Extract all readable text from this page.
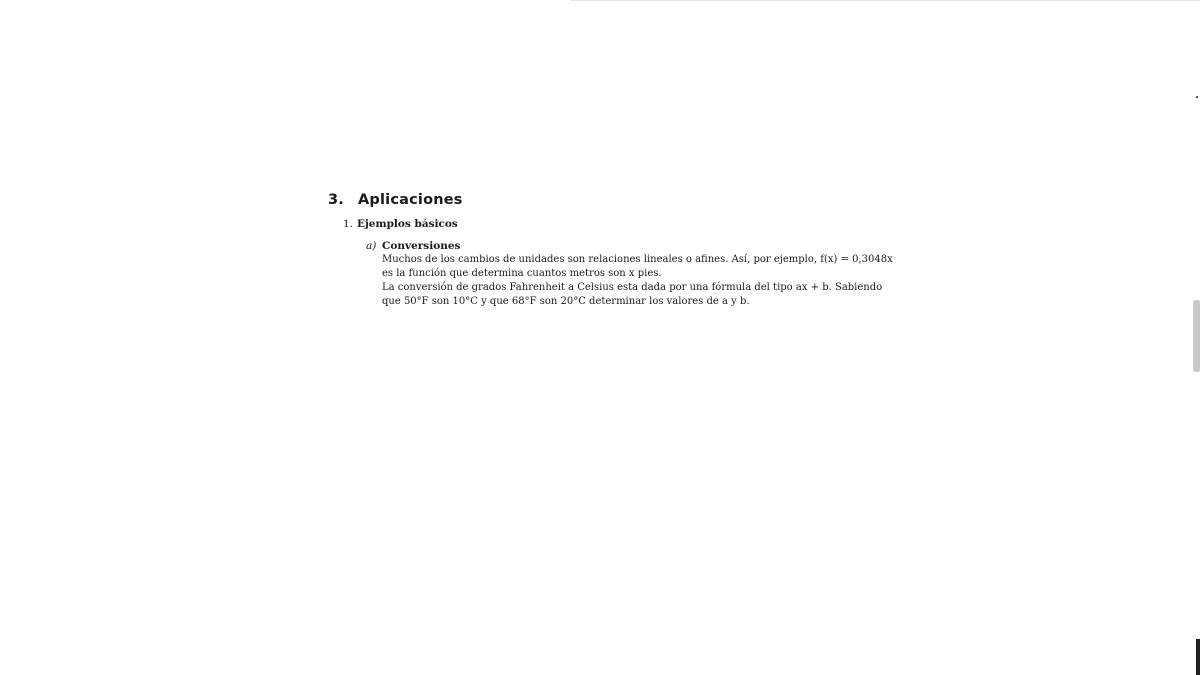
3. Aplicaciones
1. Ejemplos básicos
a) Conversiones

Muchos de los cambios de unidades son relaciones lineales o afines. Así, por ejemplo, f(x) = 0,3048x es la función que determina cuantos metros son x pies.

La conversión de grados Fahrenheit a Celsius esta dada por una fórmula del tipo ax + b. Sabiendo que 50°F son 10°C y que 68°F son 20°C determinar los valores de a y b.
